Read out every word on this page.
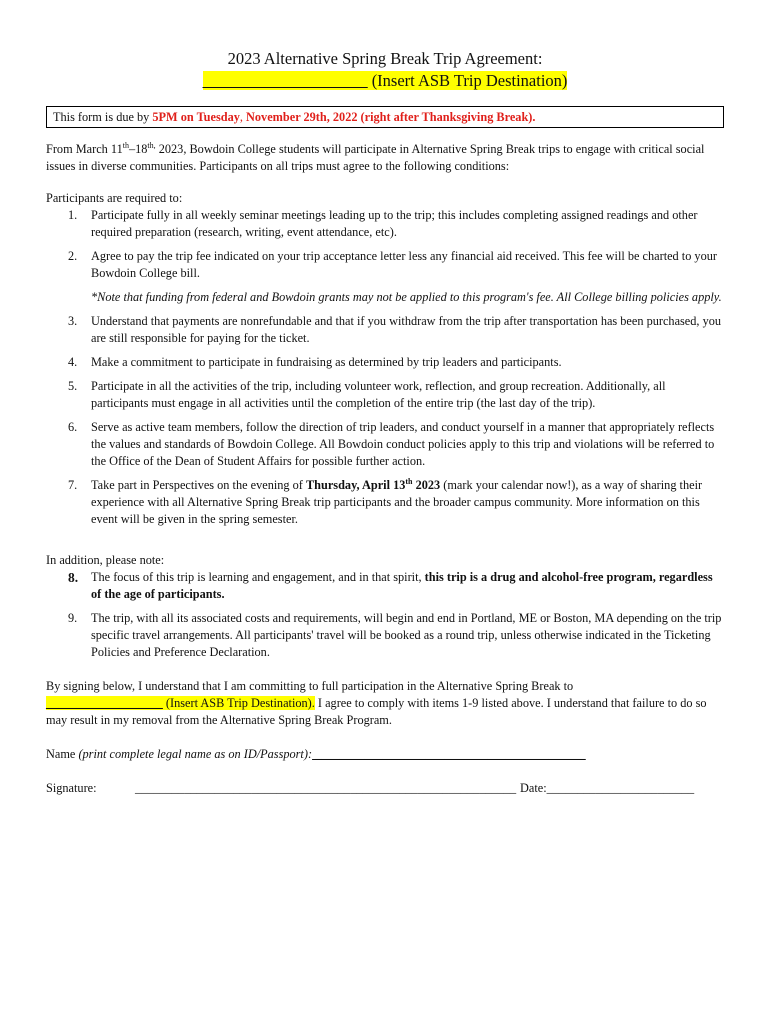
2023 Alternative Spring Break Trip Agreement:
____________________ (Insert ASB Trip Destination)
This form is due by 5PM on Tuesday, November 29th, 2022 (right after Thanksgiving Break).

From March $11th-18^{th,}$ 2023, Bowdoin College students will participate in Alternative Spring Break trips to engage with critical social issues in diverse communities. Participants on all trips must agree to the following conditions:

Participants are required to:

1. Participate fully in all weekly seminar meetings leading up to the trip; this includes completing assigned readings and other required preparation (research, writing, event attendance, etc).
2. Agree to pay the trip fee indicated on your trip acceptance letter less any financial aid received. This fee will be charted to your Bowdoin College bill.
*Note that funding from federal and Bowdoin grants may not be applied to this program's fee. All College billing policies apply.
3. Understand that payments are nonrefundable and that if you withdraw from the trip after transportation has been purchased, you are still responsible for paying for the ticket.
4. Make a commitment to participate in fundraising as determined by trip leaders and participants.
5. Participate in all the activities of the trip, including volunteer work, reflection, and group recreation. Additionally, all participants must engage in all activities until the completion of the entire trip (the last day of the trip).
6. Serve as active team members, follow the direction of trip leaders, and conduct yourself in a manner that appropriately reflects the values and standards of Bowdoin College. All Bowdoin conduct policies apply to this trip and violations will be referred to the Office of the Dean of Student Affairs for possible further action.
7. Take part in Perspectives on the evening of Thursday, April 13th 2023 (mark your calendar now!), as a way of sharing their experience with all Alternative Spring Break trip participants and the broader campus community. More information on this event will be given in the spring semester.

In addition, please note:

8. The focus of this trip is learning and engagement, and in that spirit, this trip is a drug and alcohol-free program, regardless of the age of participants.
9. The trip, with all its associated costs and requirements, will begin and end in Portland, ME or Boston, MA depending on the trip specific travel arrangements. All participants' travel will be booked as a round trip, unless otherwise indicated in the Ticketing Policies and Preference Declaration.

By signing below, I understand that I am committing to full participation in the Alternative Spring Break to
___________________ (Insert ASB Trip Destination). I agree to comply with items 1-9 listed above. I understand that failure to do so may result in my removal from the Alternative Spring Break Program.

Name (print complete legal name as on ID/Passport): ____________________________________________

Signature:	______________________________________________________________ Date:________________________
